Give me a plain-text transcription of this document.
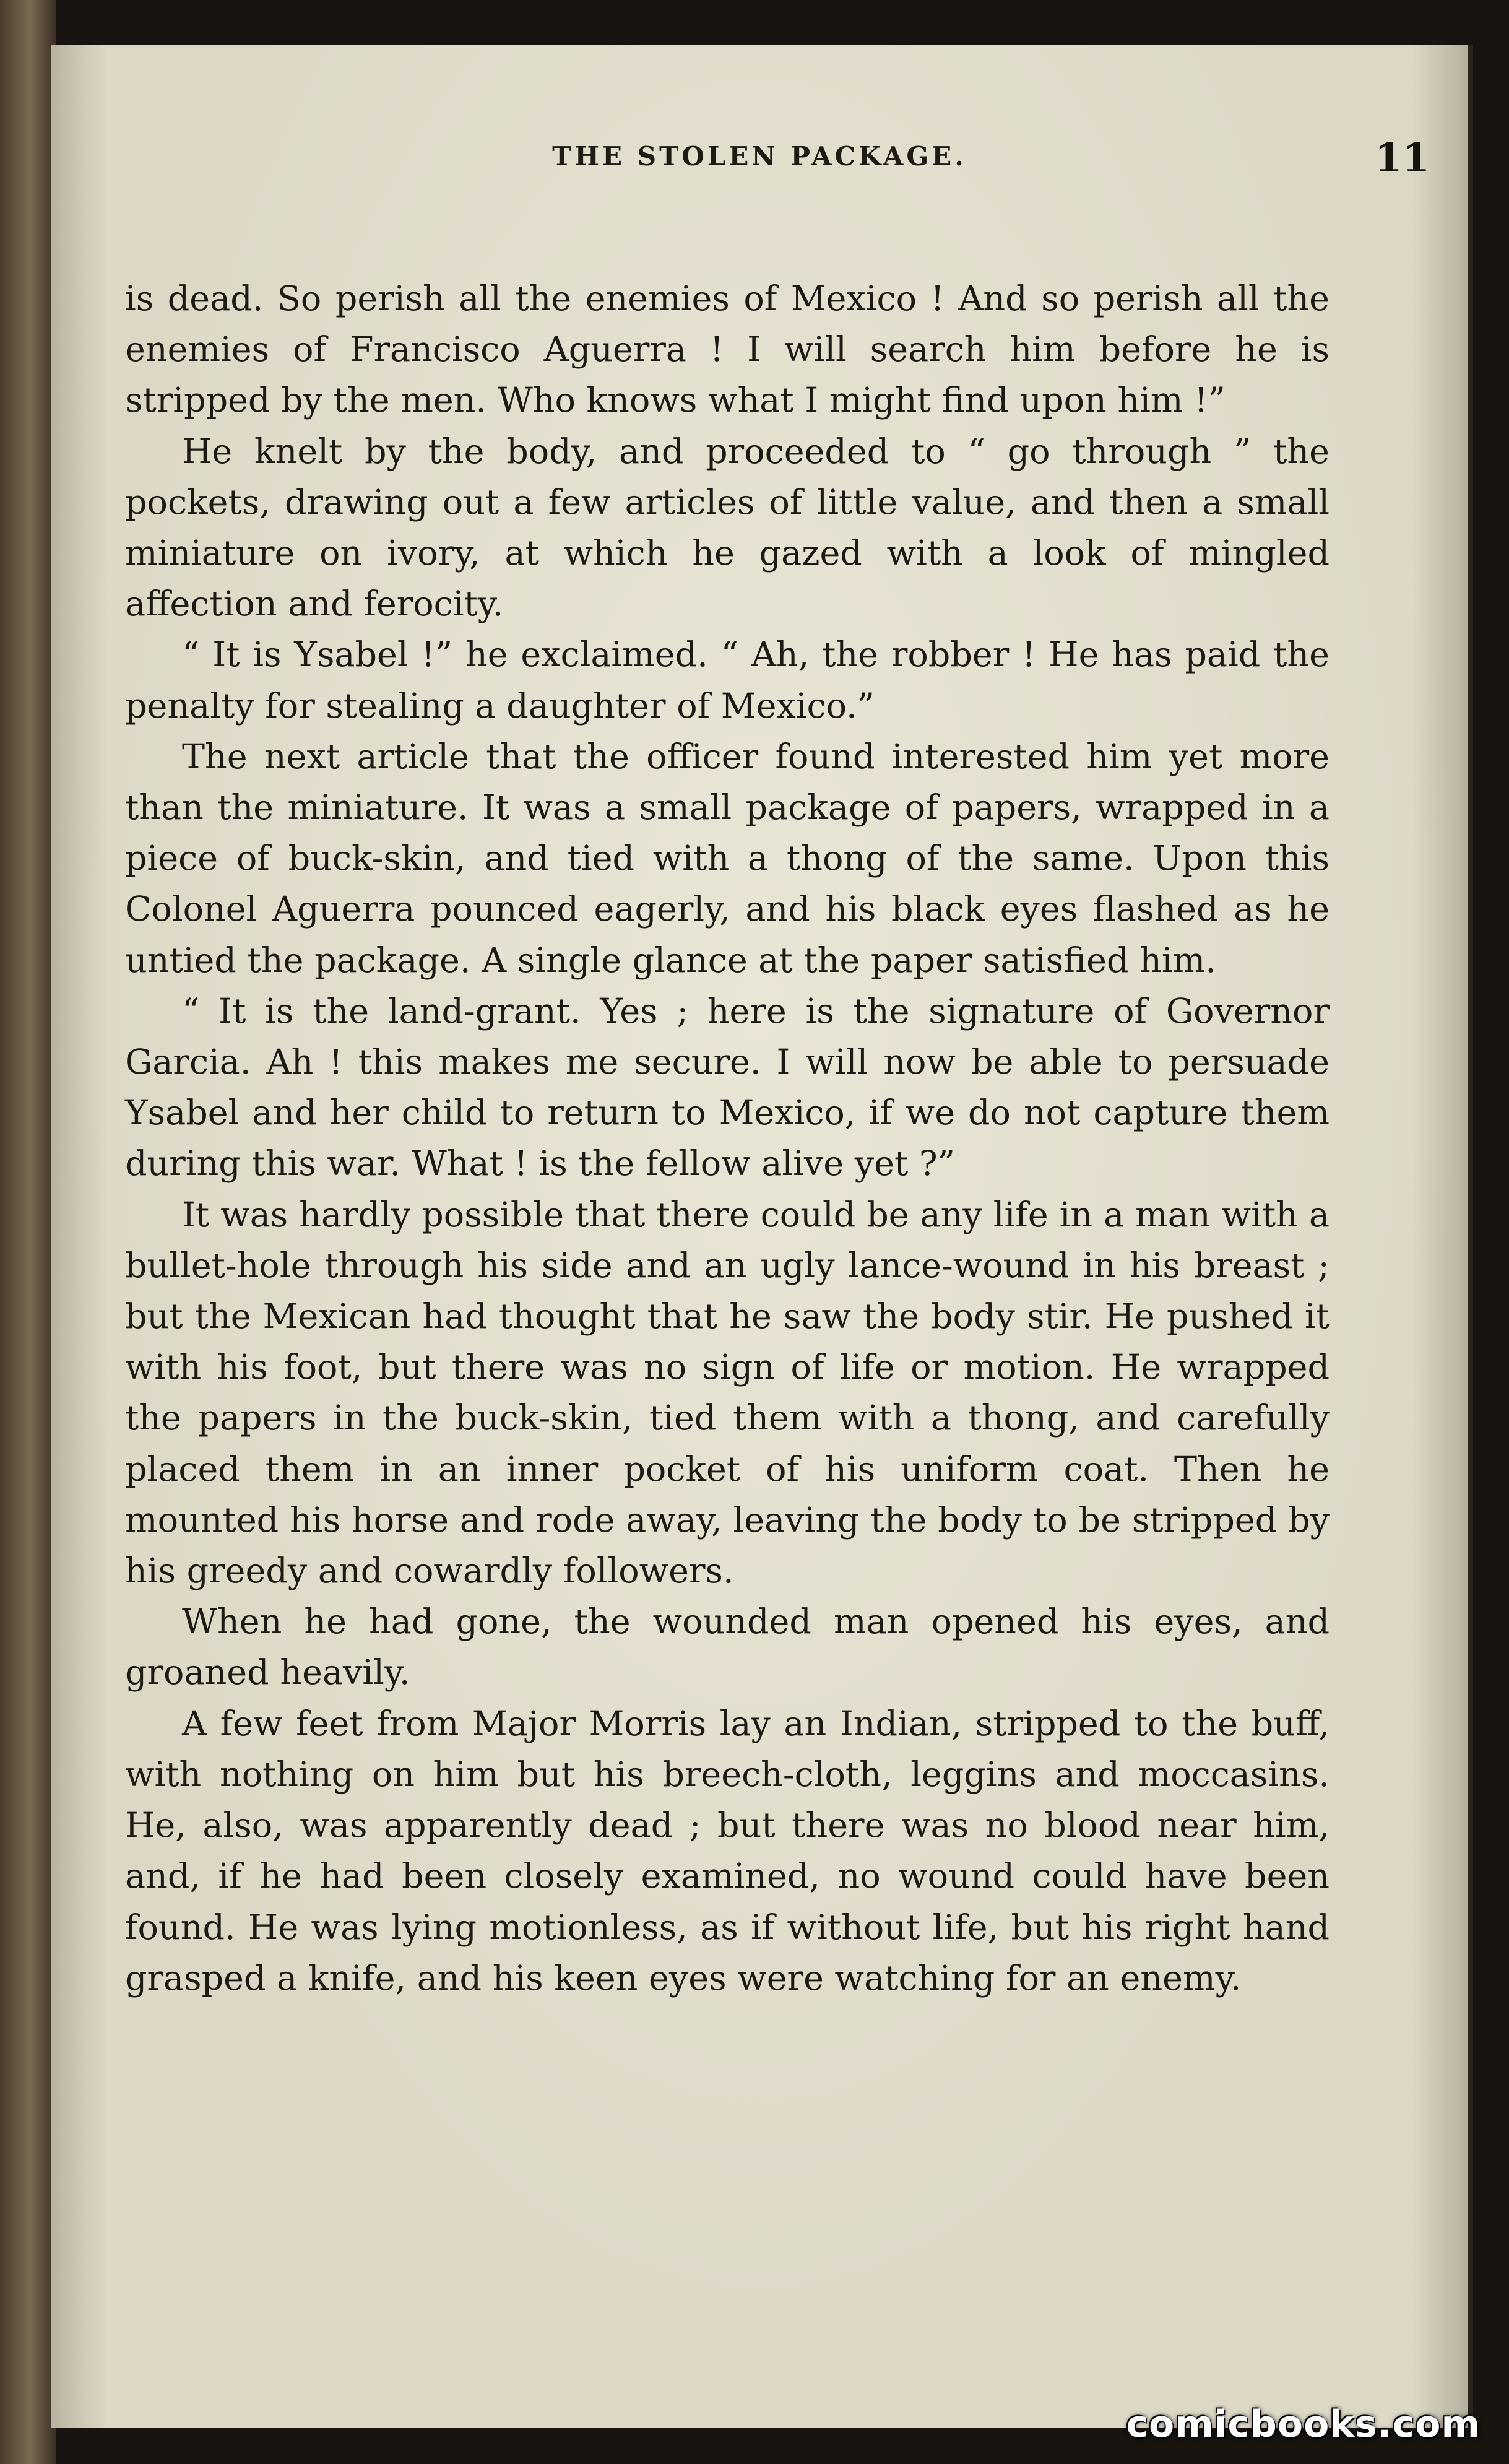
THE STOLEN PACKAGE.	11

is dead. So perish all the enemies of Mexico ! And so perish all the enemies of Francisco Aguerra ! I will search him before he is stripped by the men. Who knows what I might find upon him !”

He knelt by the body, and proceeded to “ go through ” the pockets, drawing out a few articles of little value, and then a small miniature on ivory, at which he gazed with a look of mingled affection and ferocity.

“ It is Ysabel !” he exclaimed. “ Ah, the robber ! He has paid the penalty for stealing a daughter of Mexico.”

The next article that the officer found interested him yet more than the miniature. It was a small package of papers, wrapped in a piece of buck-skin, and tied with a thong of the same. Upon this Colonel Aguerra pounced eagerly, and his black eyes flashed as he untied the package. A single glance at the paper satisfied him.

“ It is the land-grant. Yes ; here is the signature of Governor Garcia. Ah ! this makes me secure. I will now be able to persuade Ysabel and her child to return to Mexico, if we do not capture them during this war. What ! is the fellow alive yet ?”

It was hardly possible that there could be any life in a man with a bullet-hole through his side and an ugly lance-wound in his breast ; but the Mexican had thought that he saw the body stir. He pushed it with his foot, but there was no sign of life or motion. He wrapped the papers in the buck-skin, tied them with a thong, and carefully placed them in an inner pocket of his uniform coat. Then he mounted his horse and rode away, leaving the body to be stripped by his greedy and cowardly followers.

When he had gone, the wounded man opened his eyes, and groaned heavily.

A few feet from Major Morris lay an Indian, stripped to the buff, with nothing on him but his breech-cloth, leggins and moccasins. He, also, was apparently dead ; but there was no blood near him, and, if he had been closely examined, no wound could have been found. He was lying motionless, as if without life, but his right hand grasped a knife, and his keen eyes were watching for an enemy.

comicbooks.com
